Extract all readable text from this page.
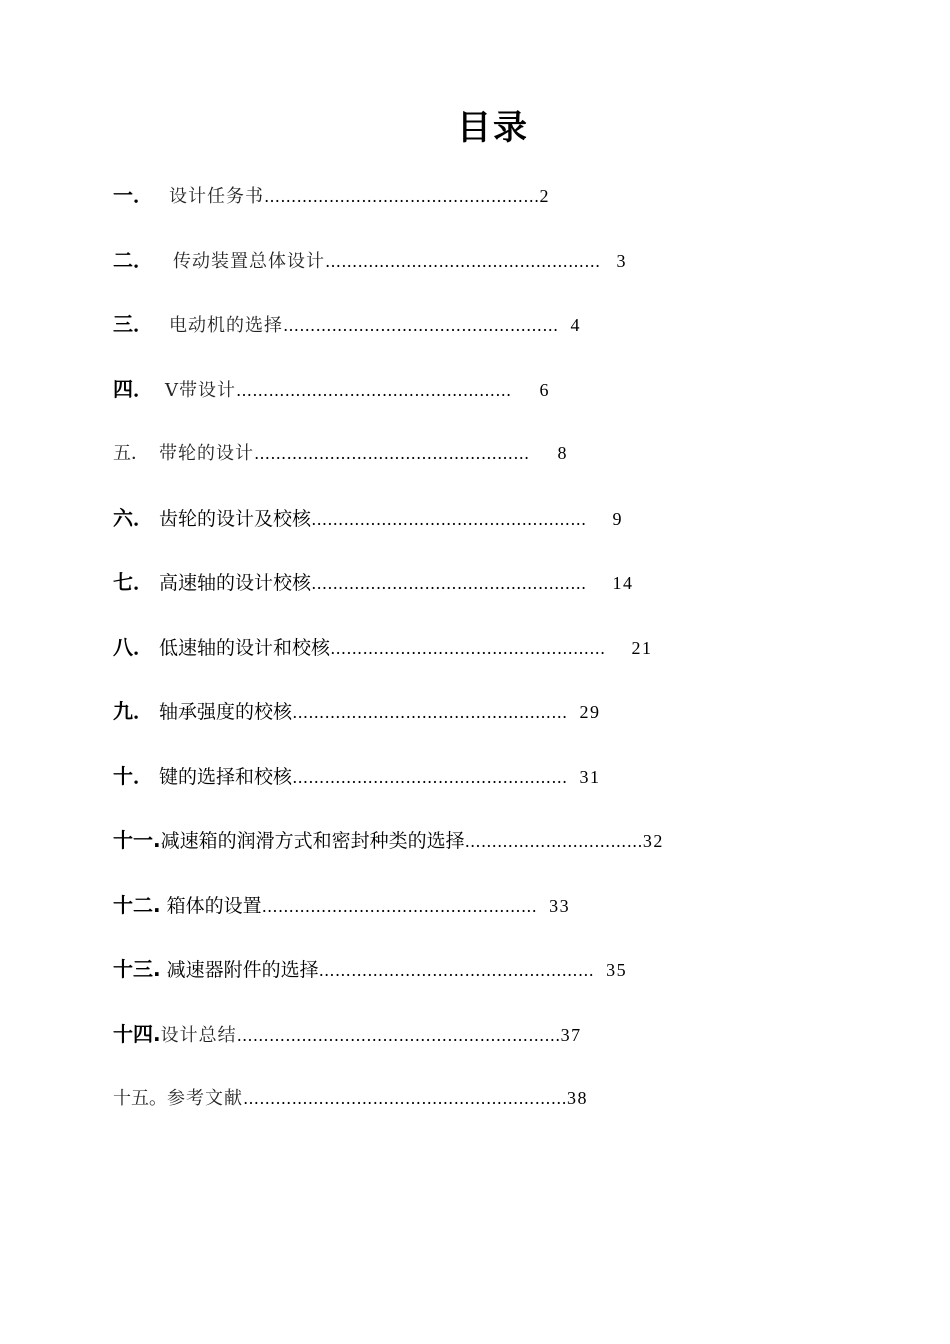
目录
一． 设计任务书……………………………………………2
二． 传动装置总体设计…………………………………………… 3
三． 电动机的选择…………………………………………… 4
四． V带设计…………………………………………… 6
五． 带轮的设计…………………………………………… 8
六． 齿轮的设计及校核…………………………………………… 9
七． 高速轴的设计校核…………………………………………… 14
八． 低速轴的设计和校核…………………………………………… 21
九． 轴承强度的校核…………………………………………… 29
十． 键的选择和校核…………………………………………… 31
十一.减速箱的润滑方式和密封种类的选择……………………………32
十二. 箱体的设置…………………………………………… 33
十三. 减速器附件的选择…………………………………………… 35
十四.设计总结……………………………………………………37
十五。参考文献……………………………………………………38
